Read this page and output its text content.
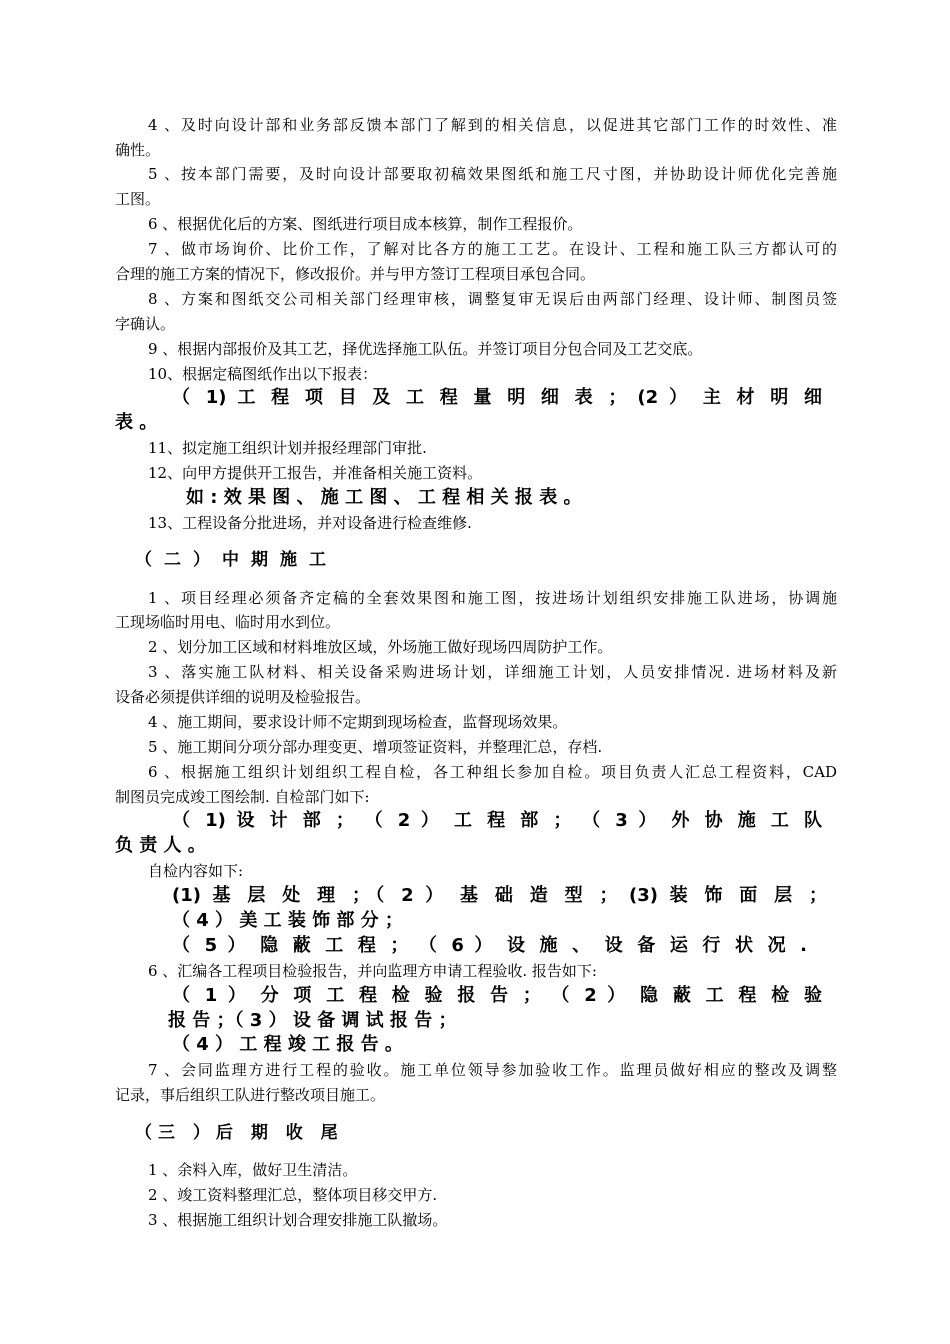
4 、及时向设计部和业务部反馈本部门了解到的相关信息，以促进其它部门工作的时效性、准
确性。
5 、按本部门需要，及时向设计部要取初稿效果图纸和施工尺寸图，并协助设计师优化完善施
工图。
6 、根据优化后的方案、图纸进行项目成本核算，制作工程报价。
7 、做市场询价、比价工作，了解对比各方的施工工艺。在设计、工程和施工队三方都认可的
合理的施工方案的情况下，修改报价。并与甲方签订工程项目承包合同。
8 、方案和图纸交公司相关部门经理审核，调整复审无误后由两部门经理、设计师、制图员签
字确认。
9 、根据内部报价及其工艺，择优选择施工队伍。并签订项目分包合同及工艺交底。
10、根据定稿图纸作出以下报表：
（ 1) 工 程 项 目 及 工 程 量 明 细 表 ； (2 ） 主 材 明 细
表 。
11、拟定施工组织计划并报经理部门审批.
12、向甲方提供开工报告，并准备相关施工资料。
如 : 效 果 图 、 施 工 图 、 工 程 相 关 报 表 。
13、工程设备分批进场，并对设备进行检查维修.
（二）中期施工
1 、项目经理必须备齐定稿的全套效果图和施工图，按进场计划组织安排施工队进场，协调施
工现场临时用电、临时用水到位。
2 、划分加工区域和材料堆放区域，外场施工做好现场四周防护工作。
3 、落实施工队材料、相关设备采购进场计划，详细施工计划，人员安排情况. 进场材料及新
设备必须提供详细的说明及检验报告。
4 、施工期间，要求设计师不定期到现场检查，监督现场效果。
5 、施工期间分项分部办理变更、增项签证资料，并整理汇总，存档.
6 、根据施工组织计划组织工程自检，各工种组长参加自检。项目负责人汇总工程资料，CAD
制图员完成竣工图绘制. 自检部门如下:
（ 1) 设 计 部 ； （ 2 ） 工 程 部 ； （ 3 ） 外 协 施 工 队
负 责 人 。
自检内容如下:
(1) 基 层 处 理 ；（ 2 ） 基 础 造 型 ； (3) 装 饰 面 层 ；
（ 4 ） 美 工 装 饰 部 分 ；
（ 5 ） 隐 蔽 工 程 ； （ 6 ） 设 施 、 设 备 运 行 状 况 .
6 、汇编各工程项目检验报告，并向监理方申请工程验收. 报告如下:
（ 1 ） 分 项 工 程 检 验 报 告 ； （ 2 ） 隐 蔽 工 程 检 验
报 告 ；（ 3 ） 设 备 调 试 报 告 ；
（ 4 ） 工 程 竣 工 报 告 。
7 、会同监理方进行工程的验收。施工单位领导参加验收工作。监理员做好相应的整改及调整
记录，事后组织工队进行整改项目施工。
（三 ）后 期 收 尾
1 、余料入库，做好卫生清洁。
2 、竣工资料整理汇总，整体项目移交甲方.
3 、根据施工组织计划合理安排施工队撤场。
